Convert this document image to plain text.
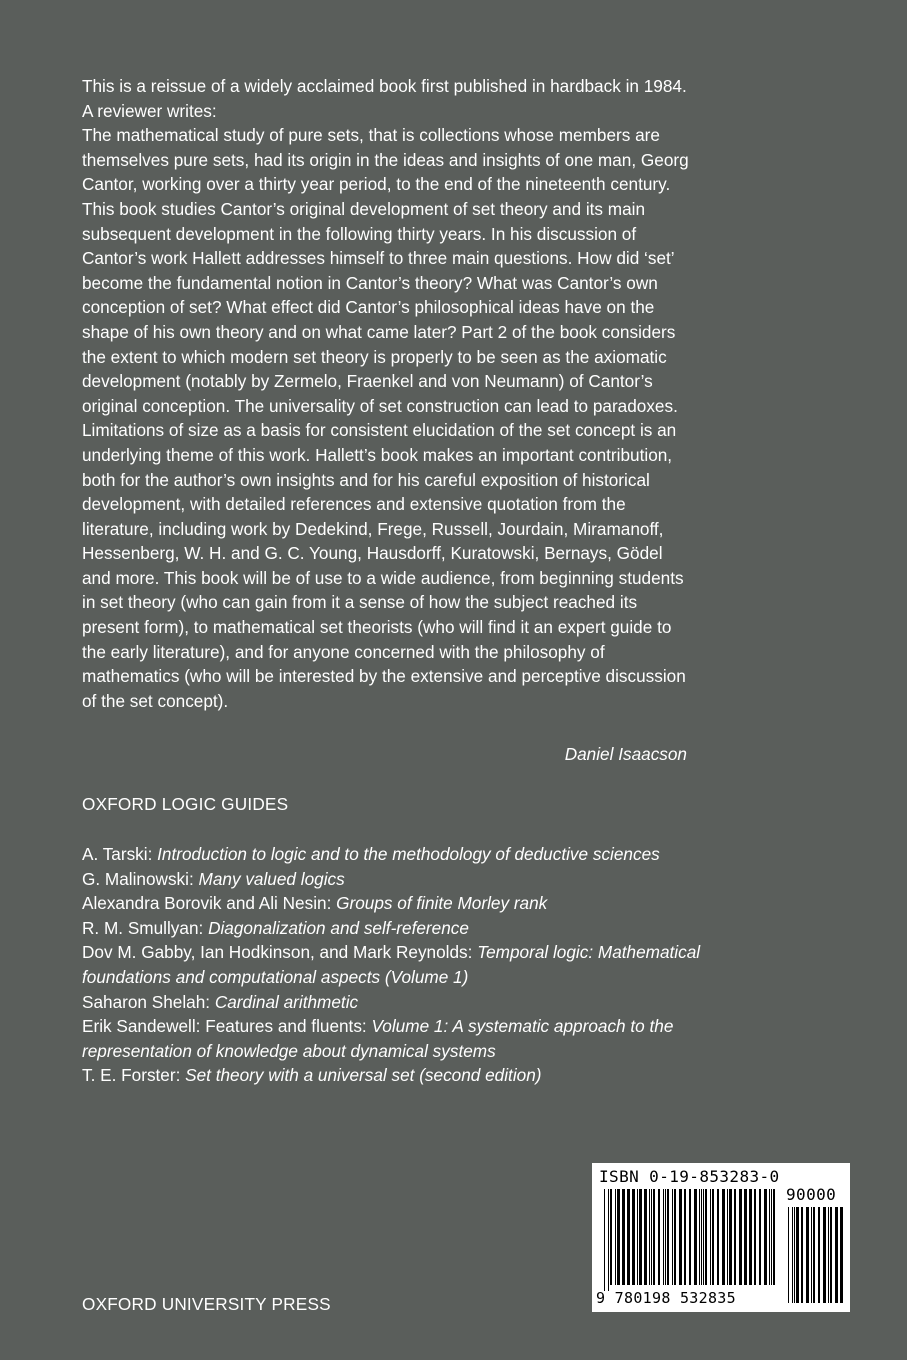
This is a reissue of a widely acclaimed book first published in hardback in 1984. A reviewer writes:
The mathematical study of pure sets, that is collections whose members are themselves pure sets, had its origin in the ideas and insights of one man, Georg Cantor, working over a thirty year period, to the end of the nineteenth century. This book studies Cantor’s original development of set theory and its main subsequent development in the following thirty years. In his discussion of Cantor’s work Hallett addresses himself to three main questions. How did ‘set’ become the fundamental notion in Cantor’s theory? What was Cantor’s own conception of set? What effect did Cantor’s philosophical ideas have on the shape of his own theory and on what came later? Part 2 of the book considers the extent to which modern set theory is properly to be seen as the axiomatic development (notably by Zermelo, Fraenkel and von Neumann) of Cantor’s original conception. The universality of set construction can lead to paradoxes. Limitations of size as a basis for consistent elucidation of the set concept is an underlying theme of this work. Hallett’s book makes an important contribution, both for the author’s own insights and for his careful exposition of historical development, with detailed references and extensive quotation from the literature, including work by Dedekind, Frege, Russell, Jourdain, Miramanoff, Hessenberg, W. H. and G. C. Young, Hausdorff, Kuratowski, Bernays, Gödel and more. This book will be of use to a wide audience, from beginning students in set theory (who can gain from it a sense of how the subject reached its present form), to mathematical set theorists (who will find it an expert guide to the early literature), and for anyone concerned with the philosophy of mathematics (who will be interested by the extensive and perceptive discussion of the set concept).

Daniel Isaacson
OXFORD LOGIC GUIDES

A. Tarski: Introduction to logic and to the methodology of deductive sciences

G. Malinowski: Many valued logics

Alexandra Borovik and Ali Nesin: Groups of finite Morley rank

R. M. Smullyan: Diagonalization and self-reference

Dov M. Gabby, Ian Hodkinson, and Mark Reynolds: Temporal logic: Mathematical foundations and computational aspects (Volume 1)

Saharon Shelah: Cardinal arithmetic

Erik Sandewell: Features and fluents: Volume 1: A systematic approach to the representation of knowledge about dynamical systems

T. E. Forster: Set theory with a universal set (second edition)

OXFORD UNIVERSITY PRESS
ISBN 0-19-853283-0
90000
9 780198 532835
